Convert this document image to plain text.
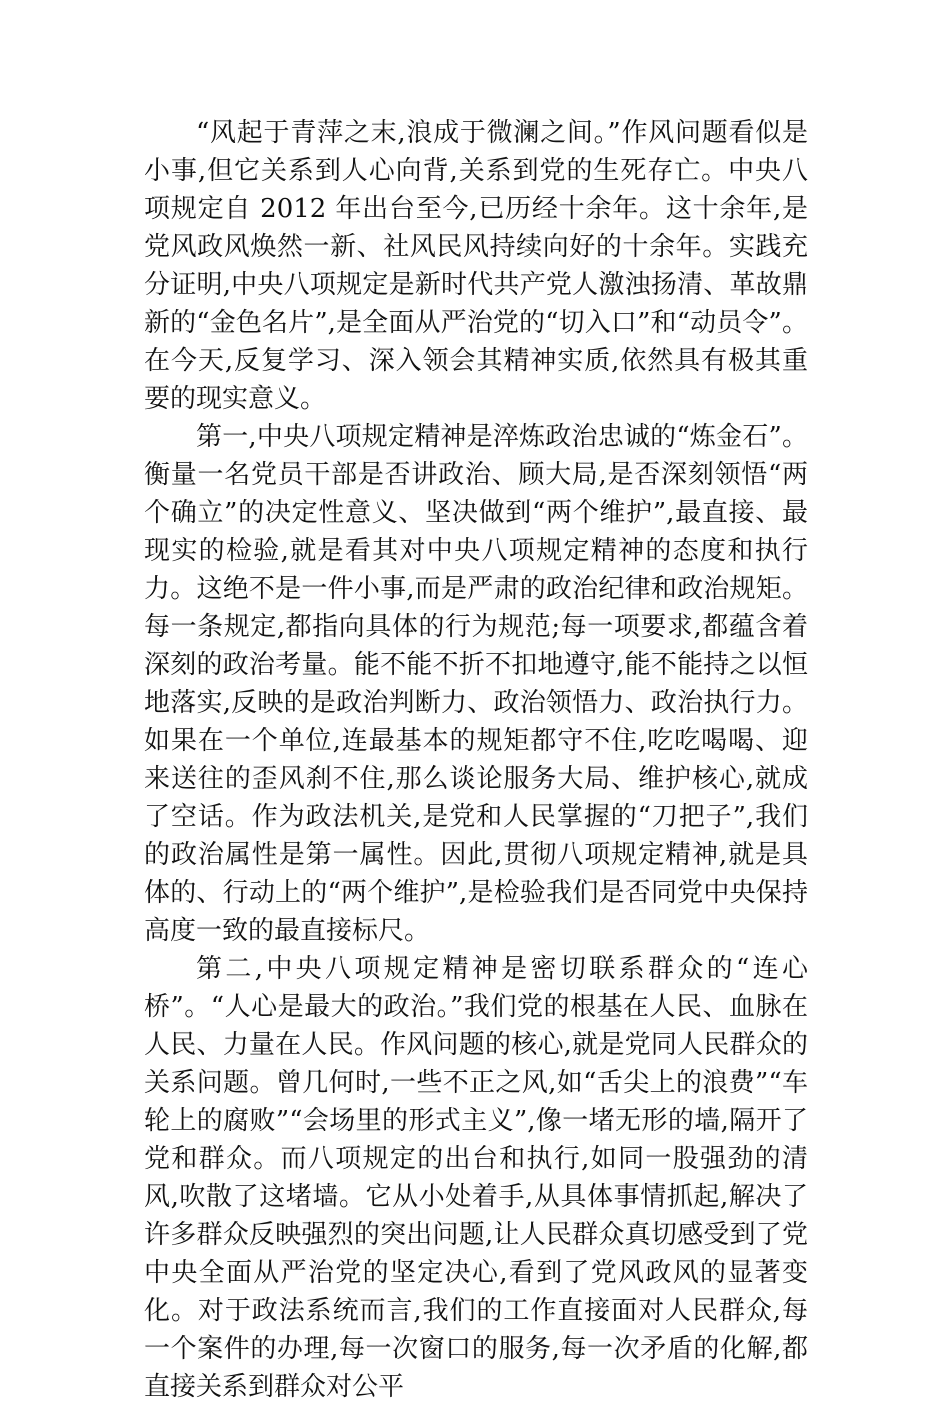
“风起于青萍之末,浪成于微澜之间。”作风问题看似是小事,但它关系到人心向背,关系到党的生死存亡。中央八项规定自 2012 年出台至今,已历经十余年。这十余年,是党风政风焕然一新、社风民风持续向好的十余年。实践充分证明,中央八项规定是新时代共产党人激浊扬清、革故鼎新的“金色名片”,是全面从严治党的“切入口”和“动员令”。在今天,反复学习、深入领会其精神实质,依然具有极其重要的现实意义。

第一,中央八项规定精神是淬炼政治忠诚的“炼金石”。衡量一名党员干部是否讲政治、顾大局,是否深刻领悟“两个确立”的决定性意义、坚决做到“两个维护”,最直接、最现实的检验,就是看其对中央八项规定精神的态度和执行力。这绝不是一件小事,而是严肃的政治纪律和政治规矩。每一条规定,都指向具体的行为规范;每一项要求,都蕴含着深刻的政治考量。能不能不折不扣地遵守,能不能持之以恒地落实,反映的是政治判断力、政治领悟力、政治执行力。如果在一个单位,连最基本的规矩都守不住,吃吃喝喝、迎来送往的歪风刹不住,那么谈论服务大局、维护核心,就成了空话。作为政法机关,是党和人民掌握的“刀把子”,我们的政治属性是第一属性。因此,贯彻八项规定精神,就是具体的、行动上的“两个维护”,是检验我们是否同党中央保持高度一致的最直接标尺。

第二,中央八项规定精神是密切联系群众的“连心桥”。“人心是最大的政治。”我们党的根基在人民、血脉在人民、力量在人民。作风问题的核心,就是党同人民群众的关系问题。曾几何时,一些不正之风,如“舌尖上的浪费”“车轮上的腐败”“会场里的形式主义”,像一堵无形的墙,隔开了党和群众。而八项规定的出台和执行,如同一股强劲的清风,吹散了这堵墙。它从小处着手,从具体事情抓起,解决了许多群众反映强烈的突出问题,让人民群众真切感受到了党中央全面从严治党的坚定决心,看到了党风政风的显著变化。对于政法系统而言,我们的工作直接面对人民群众,每一个案件的办理,每一次窗口的服务,每一次矛盾的化解,都直接关系到群众对公平
